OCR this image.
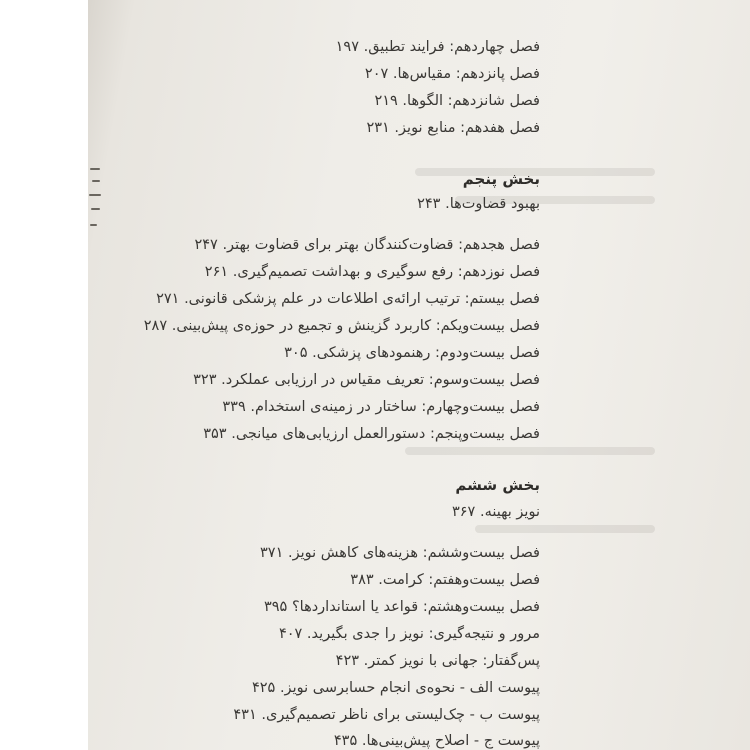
فصل چهاردهم: فرایند تطبیق. ۱۹۷
فصل پانزدهم: مقیاس‌ها. ۲۰۷
فصل شانزدهم: الگوها. ۲۱۹
فصل هفدهم: منابع نویز. ۲۳۱
بخش پنجم
بهبود قضاوت‌ها. ۲۴۳
فصل هجدهم: قضاوت‌کنندگان بهتر برای قضاوت بهتر. ۲۴۷
فصل نوزدهم: رفع سوگیری و بهداشت تصمیم‌گیری. ۲۶۱
فصل بیستم: ترتیب ارائه‌ی اطلاعات در علم پزشکی قانونی. ۲۷۱
فصل بیست‌ویکم: کاربرد گزینش و تجمیع در حوزه‌ی پیش‌بینی. ۲۸۷
فصل بیست‌ودوم: رهنمودهای پزشکی. ۳۰۵
فصل بیست‌وسوم: تعریف مقیاس در ارزیابی عملکرد. ۳۲۳
فصل بیست‌وچهارم: ساختار در زمینه‌ی استخدام. ۳۳۹
فصل بیست‌وپنجم: دستورالعمل ارزیابی‌های میانجی. ۳۵۳
بخش ششم
نویز بهینه. ۳۶۷
فصل بیست‌وششم: هزینه‌های کاهش نویز. ۳۷۱
فصل بیست‌وهفتم: کرامت. ۳۸۳
فصل بیست‌وهشتم: قواعد یا استانداردها؟ ۳۹۵
مرور و نتیجه‌گیری: نویز را جدی بگیرید. ۴۰۷
پس‌گفتار: جهانی با نویز کمتر. ۴۲۳
پیوست الف - نحوه‌ی انجام حسابرسی نویز. ۴۲۵
پیوست ب - چک‌لیستی برای ناظر تصمیم‌گیری. ۴۳۱
پیوست ج - اصلاح پیش‌بینی‌ها. ۴۳۵
